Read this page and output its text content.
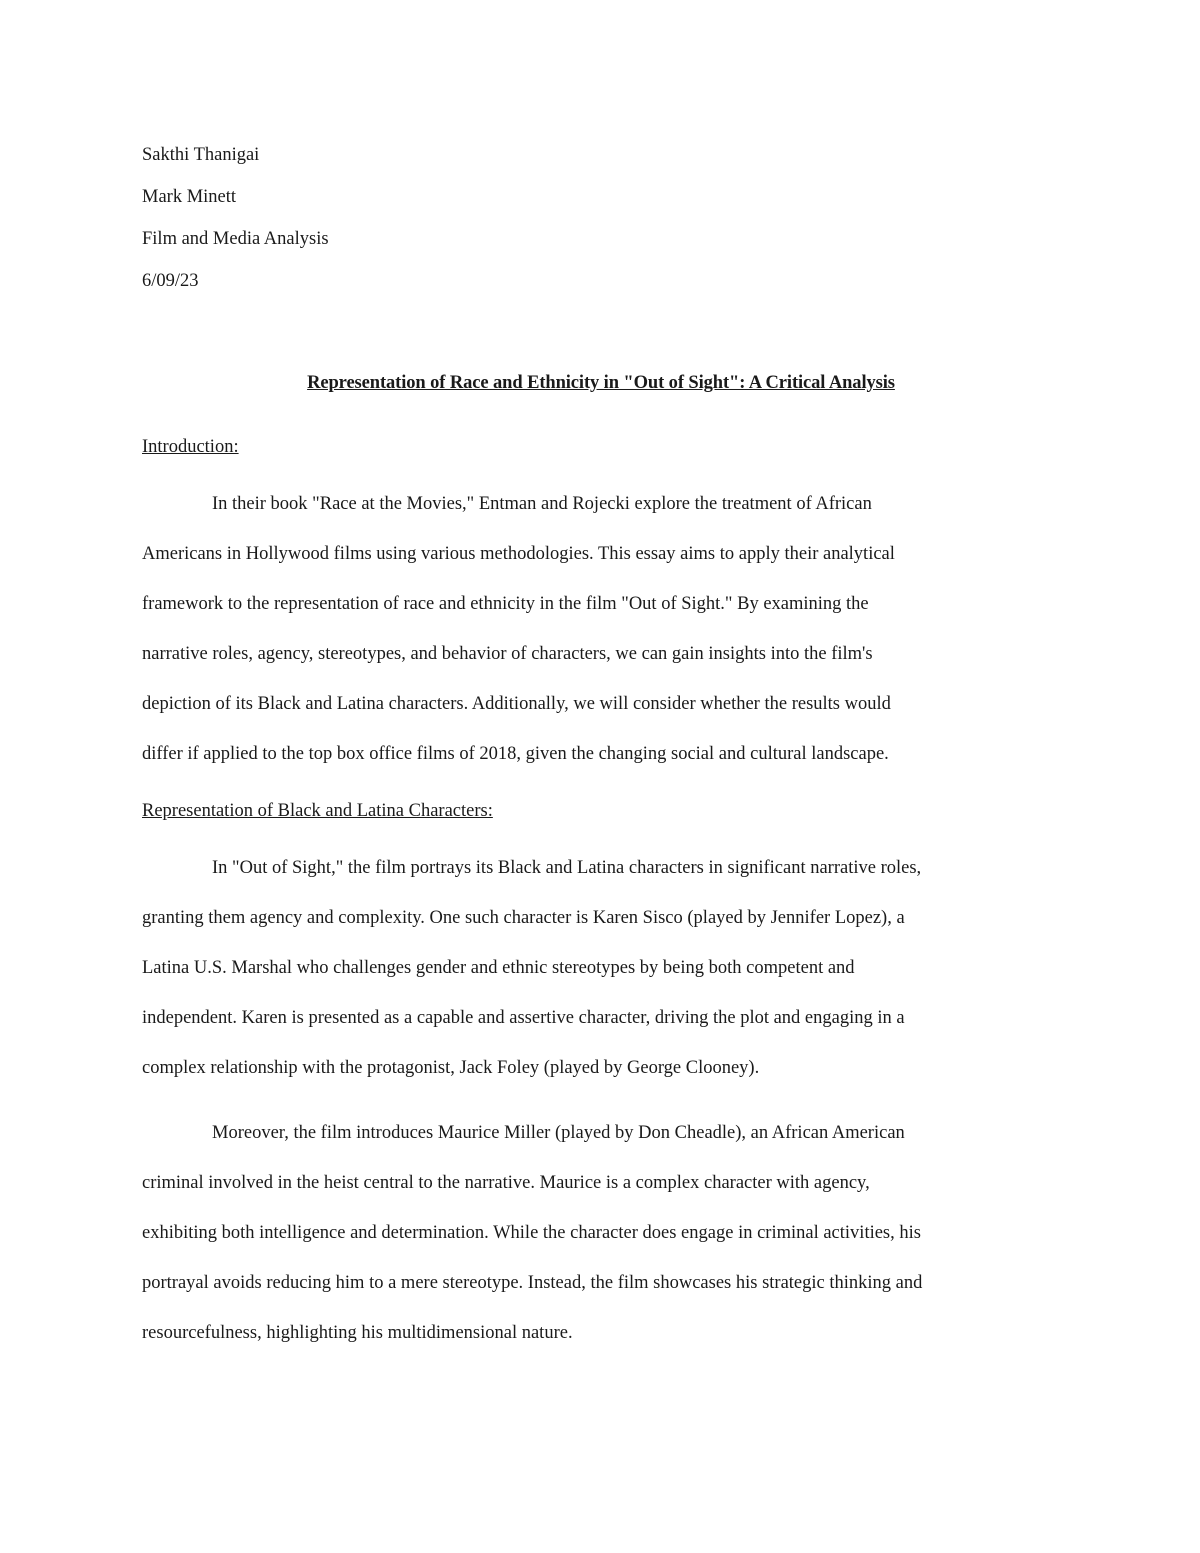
Sakthi Thanigai
Mark Minett
Film and Media Analysis
6/09/23
Representation of Race and Ethnicity in "Out of Sight": A Critical Analysis
Introduction:
In their book "Race at the Movies," Entman and Rojecki explore the treatment of African
Americans in Hollywood films using various methodologies. This essay aims to apply their analytical
framework to the representation of race and ethnicity in the film "Out of Sight." By examining the
narrative roles, agency, stereotypes, and behavior of characters, we can gain insights into the film's
depiction of its Black and Latina characters. Additionally, we will consider whether the results would
differ if applied to the top box office films of 2018, given the changing social and cultural landscape.
Representation of Black and Latina Characters:
In "Out of Sight," the film portrays its Black and Latina characters in significant narrative roles,
granting them agency and complexity. One such character is Karen Sisco (played by Jennifer Lopez), a
Latina U.S. Marshal who challenges gender and ethnic stereotypes by being both competent and
independent. Karen is presented as a capable and assertive character, driving the plot and engaging in a
complex relationship with the protagonist, Jack Foley (played by George Clooney).
Moreover, the film introduces Maurice Miller (played by Don Cheadle), an African American
criminal involved in the heist central to the narrative. Maurice is a complex character with agency,
exhibiting both intelligence and determination. While the character does engage in criminal activities, his
portrayal avoids reducing him to a mere stereotype. Instead, the film showcases his strategic thinking and
resourcefulness, highlighting his multidimensional nature.
